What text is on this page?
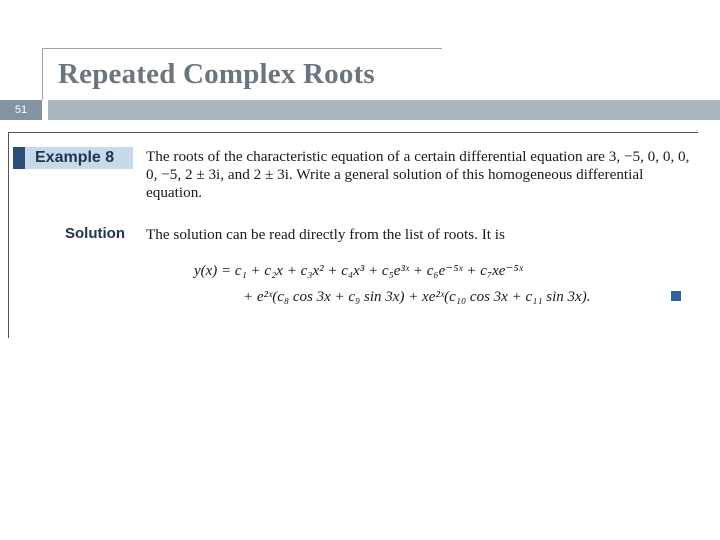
Repeated Complex Roots
51
Example 8	The roots of the characteristic equation of a certain differential equation are 3, −5, 0, 0, 0, 0, −5, 2 ± 3i, and 2 ± 3i. Write a general solution of this homogeneous differential equation.
Solution The solution can be read directly from the list of roots. It is
y(x) = c₁ + c₂x + c₃x² + c₄x³ + c₅e³ˣ + c₆e⁻⁵ˣ + c₇xe⁻⁵ˣ
+ e²ˣ(c₈ cos 3x + c₉ sin 3x) + xe²ˣ(c₁₀ cos 3x + c₁₁ sin 3x).
